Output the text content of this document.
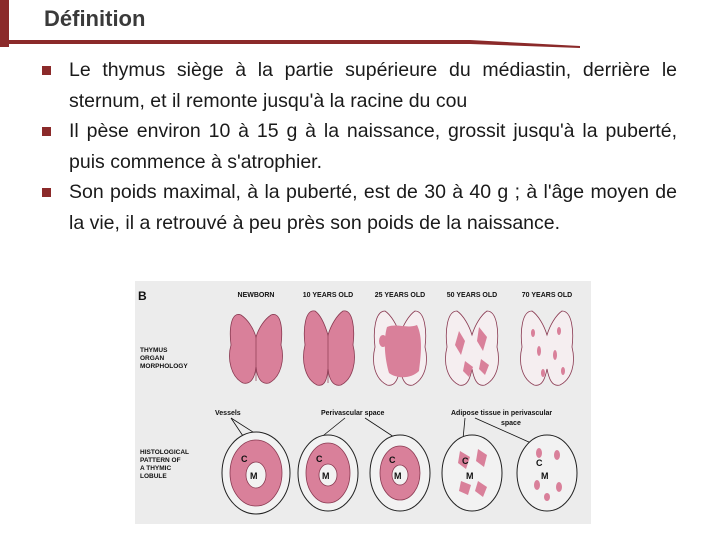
Définition
Le thymus siège à la partie supérieure du médiastin, derrière le sternum, et il remonte jusqu'à la racine du cou
Il pèse environ 10 à 15 g à la naissance, grossit jusqu'à la puberté, puis commence à s'atrophier.
Son poids maximal, à la puberté, est de 30 à 40 g ; à l'âge moyen de la vie, il a retrouvé à peu près son poids de la naissance.
B	NEWBORN	10 YEARS OLD	25 YEARS OLD	50 YEARS OLD	70 YEARS OLD
THYMUS
ORGAN
MORPHOLOGY
HISTOLOGICAL
PATTERN OF
A THYMIC
LOBULE
Vessels	Perivascular space	Adipose tissue in perivascular
space
C
M
C
M
C
M
C
M
C
M
